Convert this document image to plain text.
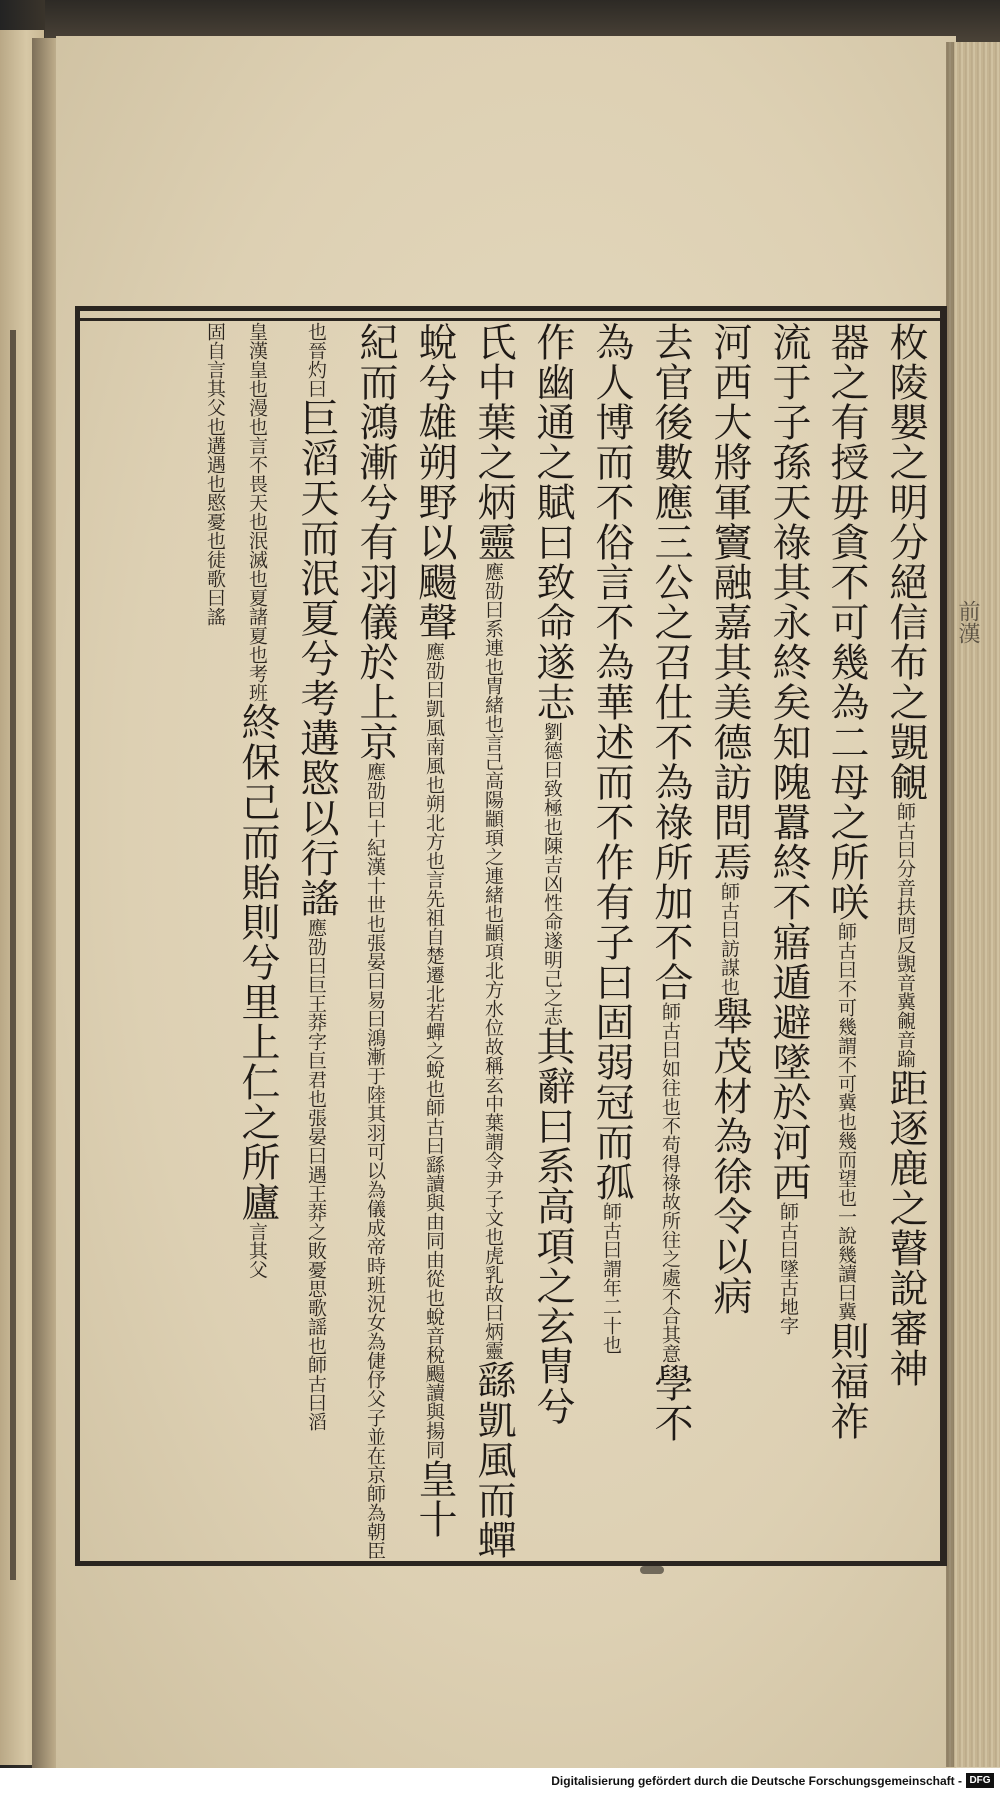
前漢
枚陵嬰之明分絕信布之覬覦師古曰分音扶問反覬音冀覦音踰距逐鹿之瞽說審神
器之有授毋貪不可幾為二母之所咲師古曰不可幾謂不可冀也幾而望也一說幾讀曰冀則福祚
流于子孫天祿其永終矣知隗囂終不寤遁避墜於河西師古曰墜古地字
河西大將軍竇融嘉其美德訪問焉師古曰訪謀也舉茂材為徐令以病
去官後數應三公之召仕不為祿所加不合師古曰如往也不苟得祿故所往之處不合其意學不
為人博而不俗言不為華述而不作有子曰固弱冠而孤師古曰謂年二十也
作幽通之賦曰致命遂志劉德曰致極也陳吉凶性命遂明己之志其辭曰系高項之玄冑兮
氏中葉之炳靈應劭曰系連也冑緒也言己高陽顓頊之連緒也顓項北方水位故稱玄中葉謂令尹子文也虎乳故曰炳靈繇凱風而蟬
蛻兮雄朔野以颺聲應劭曰凱風南風也朔北方也言先祖自楚遷北若蟬之蛻也師古曰繇讀與由同由從也蛻音稅颺讀與揚同皇十
紀而鴻漸兮有羽儀於上京應劭曰十紀漢十世也張晏曰易曰鴻漸于陸其羽可以為儀成帝時班況女為倢伃父子並在京師為朝臣
也晉灼曰巨滔天而泯夏兮考遘愍以行謠應劭曰巨王莽字巨君也張晏曰遇王莽之敗憂思歌謡也師古曰滔
皇漢皇也漫也言不畏天也泯滅也夏諸夏也考班終保己而貽則兮里上仁之所廬言其父
固自言其父也遘遇也愍憂也徒歌曰謠
Digitalisierung gefördert durch die Deutsche Forschungsgemeinschaft - DFG
